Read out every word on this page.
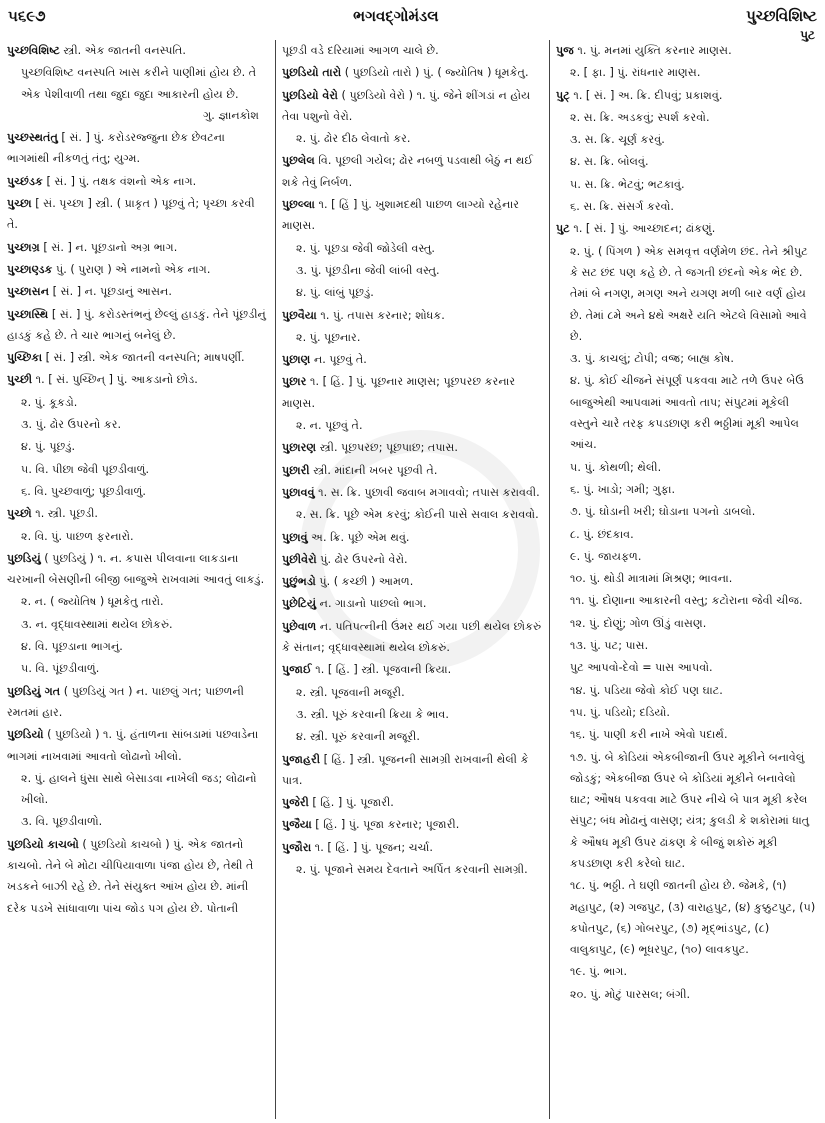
૫૬૯૭	ભગવદ્ગોમંડલ	પુચ્છવિશિષ્ટ
પુટ
પુચ્છવિશિષ્ટ સ્ત્રી. એક જાતની વનસ્પતિ.
પુચ્છવિશિષ્ટ વનસ્પતિ ખાસ કરીને પાણીમાં હોય છે. તે એક પેશીવાળી તથા જુદા જુદા આકારની હોય છે.
ગુ. જ્ઞાનકોશ
પુચ્છસ્થતંતુ [ સં. ] પું. કરોડરજ્જુના છેક છેવટના ભાગમાંથી નીકળતું તંતુ; યુગ્મ.
પુચ્છંડક [ સં. ] પું. તક્ષક વંશનો એક નાગ.
પુચ્છા [ સં. પૃચ્છા ] સ્ત્રી. ( પ્રાકૃત ) પૂછવું તે; પૃચ્છા કરવી તે.
પુચ્છાગ્ર [ સં. ] ન. પૂછડાનો અગ્ર ભાગ.
પુચ્છાણ્ડક પું. ( પુરાણ ) એ નામનો એક નાગ.
પુચ્છાસન [ સં. ] ન. પૂછડાનું આસન.
પુચ્છાસ્થિ [ સં. ] પું. કરોડસ્તંભનું છેલ્લું હાડકું. તેને પૂંછડીનું હાડકું કહે છે. તે ચાર ભાગનું બનેલું છે.
પુચ્છિકા [ સં. ] સ્ત્રી. એક જાતની વનસ્પતિ; માષપર્ણી.
પુચ્છી ૧. [ સં. પુચ્છિન્ ] પું. આકડાનો છોડ.
૨. પું. કૂકડો.
૩. પું. ઢોર ઉપરનો કર.
૪. પું. પૂછડું.
૫. વિ. પીછા જેવી પૂછડીવાળું.
૬. વિ. પુચ્છવાળું; પૂછડીવાળું.
પુચ્છો ૧. સ્ત્રી. પૂછડી.
૨. વિ. પું. પાછળ ફરનારો.
પુછડિયું ( પુછડિયું ) ૧. ન. કપાસ પીલવાના લાકડાના ચરખાની બેસણીની બીજી બાજુએ રાખવામાં આવતું લાકડું.
૨. ન. ( જ્યોતિષ ) ધૂમકેતુ તારો.
૩. ન. વૃદ્ધાવસ્થામાં થયેલ છોકરું.
૪. વિ. પૂછડાના ભાગનું.
૫. વિ. પૂંછડીવાળું.
પુછડિયું ગત ( પુછડિયું ગત ) ન. પાછલું ગત; પાછળની રમતમાં હાર.
પુછડિયો ( પુછડિયો ) ૧. પું. હંતાળના સાંબડામાં પછવાડેના ભાગમાં નાખવામાં આવતો લોઢાનો ખીલો.
૨. પું. હાલને ધુંસા સાથે બેસાડવા નાખેલી જડ; લોઢાનો ખીલો.
૩. વિ. પૂછડીવાળો.
પુછડિયો કાચબો ( પુછડિયો કાચબો ) પું. એક જાતનો કાચબો. તેને બે મોટા ચીપિયાવાળા પંજા હોય છે, તેથી તે ખડકને બાઝી રહે છે. તેને સંયુક્ત આંખ હોય છે. માંની દરેક પડખે સાંધાવાળા પાંચ જોડ પગ હોય છે. પોતાની
પૂછડી વડે દરિયામાં આગળ ચાલે છે.
પુછડિયો તારો ( પુછડિયો તારો ) પું. ( જ્યોતિષ ) ધૂમકેતુ.
પુછડિયો વેરો ( પુછડિયો વેરો ) ૧. પું. જેને શીંગડાં ન હોય તેવા પશુનો વેરો.
૨. પું. ઢોર દીઠ લેવાતો કર.
પુછલેલ વિ. પૂછલી ગયેલ; ઢોર નબળું પડવાથી બેઠું ન થઈ શકે તેવું નિર્બળ.
પુછલ્લા ૧. [ હિં ] પું. ખુશામદથી પાછળ લાગ્યો રહેનાર માણસ.
૨. પું. પૂછડા જેવી જોડેલી વસ્તુ.
૩. પું. પૂંછડીના જેવી લાંબી વસ્તુ.
૪. પું. લાંબું પૂછડું.
પુછવૈયા ૧. પું. તપાસ કરનાર; શોધક.
૨. પું. પૂછનાર.
પુછાણ ન. પૂછવું તે.
પુછાર ૧. [ હિં. ] પું. પૂછનાર માણસ; પૂછપરછ કરનાર માણસ.
૨. ન. પૂછવું તે.
પુછારણ સ્ત્રી. પૂછપરછ; પૂછપાછ; તપાસ.
પુછારી સ્ત્રી. માંદાની ખબર પૂછવી તે.
પુછાવવું ૧. સ. ક્રિ. પુછાવી જવાબ મગાવવો; તપાસ કરાવવી.
૨. સ. ક્રિ. પૂછે એમ કરવું; કોઈની પાસે સવાલ કરાવવો.
પુછાવું અ. ક્રિ. પૂછે એમ થવું.
પુછીવેરો પું. ઢોર ઉપરનો વેરો.
પુછુંભડો પું. ( કચ્છી ) આમળ.
પુછેટિયું ન. ગાડાનો પાછલો ભાગ.
પુછેવાળ ન. પતિપત્નીની ઉંમર થઈ ગયા પછી થયેલ છોકરું કે સંતાન; વૃદ્ધાવસ્થામાં થયેલ છોકરું.
પુજાઈ ૧. [ હિં. ] સ્ત્રી. પૂજવાની ક્રિયા.
૨. સ્ત્રી. પૂજવાની મજૂરી.
૩. સ્ત્રી. પૂરું કરવાની ક્રિયા કે ભાવ.
૪. સ્ત્રી. પૂરું કરવાની મજૂરી.
પુજાહરી [ હિં. ] સ્ત્રી. પૂજનની સામગ્રી રાખવાની થેલી કે પાત્ર.
પુજેરી [ હિં. ] પું. પૂજારી.
પુજૈયા [ હિં. ] પું. પૂજા કરનાર; પૂજારી.
પુજૌરા ૧. [ હિં. ] પું. પૂજન; ચર્ચા.
૨. પું. પૂજાને સમય દેવતાને અર્પિત કરવાની સામગ્રી.
પુજ ૧. પું. મનમાં યુક્તિ કરનાર માણસ.
૨. [ ફા. ] પું. રાંધનાર માણસ.
પુટ્ ૧. [ સં. ] અ. ક્રિ. દીપવું; પ્રકાશવું.
૨. સ. ક્રિ. અડકવું; સ્પર્શ કરવો.
૩. સ. ક્રિ. ચૂર્ણ કરવું.
૪. સ. ક્રિ. બોલવું.
૫. સ. ક્રિ. ભેટવું; ભટકાવું.
૬. સ. ક્રિ. સંસર્ગ કરવો.
પુટ ૧. [ સં. ] પું. આચ્છાદન; ઢાંકણું.
૨. પું. ( પિંગળ ) એક સમવૃત્ત વર્ણમેળ છંદ. તેને શ્રીપુટ કે સટ છંદ પણ કહે છે. તે જગતી છંદનો એક ભેદ છે. તેમાં બે નગણ, મગણ અને યગણ મળી બાર વર્ણ હોય છે. તેમાં ૮મે અને ૪થે અક્ષરે યતિ એટલે વિસામો આવે છે.
૩. પું. કાચલું; ટોપી; વજ્ર; બાહ્ય કોષ.
૪. પું. કોઈ ચીજને સંપૂર્ણ પકવવા માટે તળે ઉપર બેઉ બાજુએથી આપવામાં આવતો તાપ; સંપુટમાં મૂકેલી વસ્તુને ચારે તરફ કપડછાણ કરી ભઠ્ઠીમાં મૂકી આપેલ આંચ.
૫. પું. કોથળી; થેલી.
૬. પું. ખાડો; ગમી; ગુફા.
૭. પું. ઘોડાની ખરી; ઘોડાના પગનો ડાબલો.
૮. પું. છંદકાવ.
૯. પું. જાયફળ.
૧૦. પું. થોડી માત્રામાં મિશ્રણ; ભાવના.
૧૧. પું. દોણાના આકારની વસ્તુ; કટોરાના જેવી ચીજ.
૧૨. પું. દોણું; ગોળ ઊંડું વાસણ.
૧૩. પું. પટ; પાસ.
પુટ આપવો-દેવો = પાસ આપવો.
૧૪. પું. પડિયા જેવો કોઈ પણ ઘાટ.
૧૫. પું. પડિયો; દડિયો.
૧૬. પું. પાણી કરી નાખે એવો પદાર્થ.
૧૭. પું. બે કોડિયાં એકબીજાની ઉપર મૂકીને બનાવેલું જોડકું; એકબીજા ઉપર બે કોડિયાં મૂકીને બનાવેલો ઘાટ; ઔષધ પકવવા માટે ઉપર નીચે બે પાત્ર મૂકી કરેલ સંપુટ; બંધ મોઢાનું વાસણ; યંત્ર; કુલડી કે શકોરામાં ધાતુ કે ઔષધ મૂકી ઉપર ઢાંકણ કે બીજું શકોરું મૂકી કપડછાણ કરી કરેલો ઘાટ.
૧૮. પું. ભઠ્ઠી. તે ઘણી જાતની હોય છે. જેમકે, (૧) મહાપુટ, (૨) ગજપુટ, (૩) વારાહપુટ, (૪) કુક્કુટપુટ, (૫) કપોતપુટ, (૬) ગોબરપુટ, (૭) મૃદ્ભાંડપુટ, (૮) વાલુકાપુટ, (૯) ભૂધરપુટ, (૧૦) લાવકપુટ.
૧૯. પું. ભાગ.
૨૦. પું. મોટું પારસલ; બંગી.
